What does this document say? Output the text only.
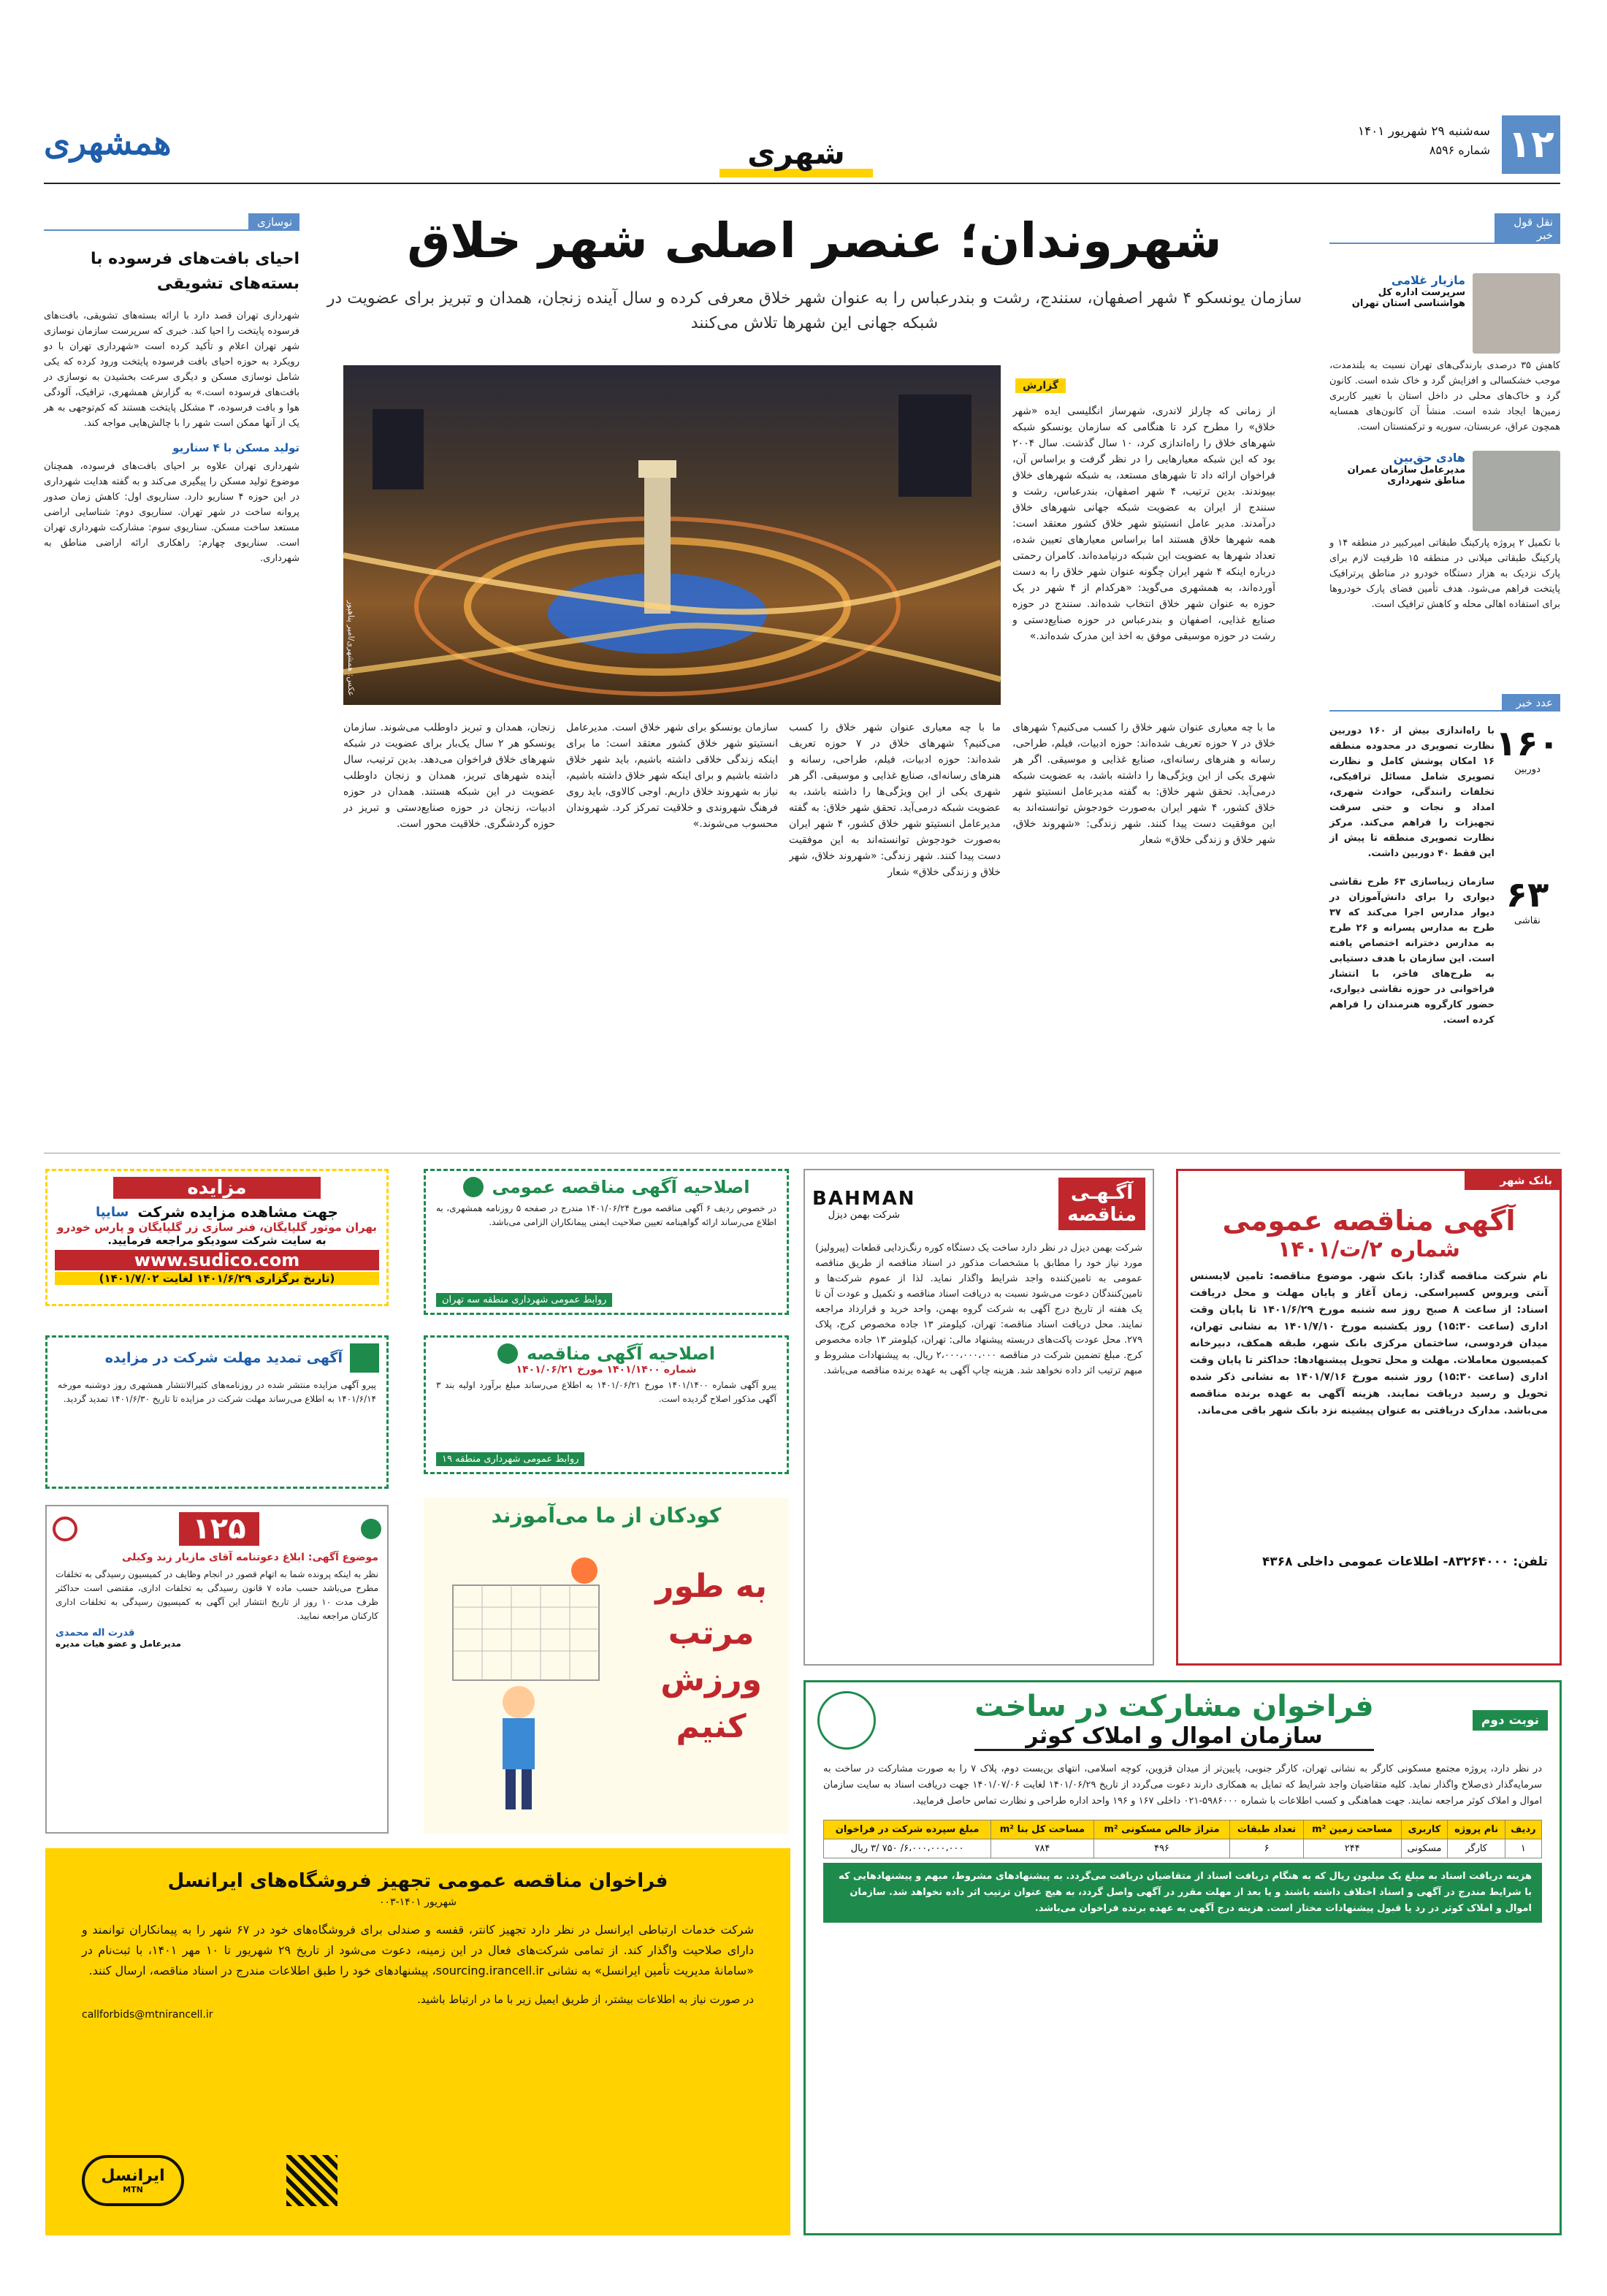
۱۲
سه‌شنبه ۲۹ شهریور ۱۴۰۱
شماره ۸۵۹۶
شهری
همشهری
نقل قول خبر
مازیار غلامی
سرپرست اداره کل هواشناسی استان تهران
کاهش ۳۵ درصدی بارندگی‌های تهران نسبت به بلندمدت، موجب خشکسالی و افزایش گرد و خاک شده است. کانون گرد و خاک‌های محلی در داخل استان با تغییر کاربری زمین‌ها ایجاد شده است. منشأ آن کانون‌های همسایه همچون عراق، عربستان، سوریه و ترکمنستان است.
هادی حق‌بین
مدیرعامل سازمان عمران مناطق شهرداری
با تکمیل ۲ پروژه پارکینگ طبقاتی امیرکبیر در منطقه ۱۴ و پارکینگ طبقاتی میلانی در منطقه ۱۵ ظرفیت لازم برای پارک نزدیک به هزار دستگاه خودرو در مناطق پرترافیک پایتخت فراهم می‌شود. هدف تأمین فضای پارک خودروها برای استفاده اهالی محله و کاهش ترافیک است.
عدد خبر
۱۶۰
دوربین
با راه‌اندازی بیش از ۱۶۰ دوربین نظارت تصویری در محدوده منطقه ۱۶ امکان پوشش کامل و نظارت تصویری شامل مسائل ترافیکی، تخلفات رانندگی، حوادث شهری، امداد و نجات و حتی سرقت تجهیزات را فراهم می‌کند. مرکز نظارت تصویری منطقه تا پیش از این فقط ۴۰ دوربین داشت.
۶۳
نقاشی
سازمان زیباسازی ۶۳ طرح نقاشی دیواری را برای دانش‌آموزان در دیوار مدارس اجرا می‌کند که ۳۷ طرح به مدارس پسرانه و ۲۶ طرح به مدارس دخترانه اختصاص یافته است. این سازمان با هدف دستیابی به طرح‌های فاخر، با انتشار فراخوانی در حوزه نقاشی دیواری، حضور کارگروه هنرمندان را فراهم کرده است.
شهروندان؛ عنصر اصلی شهر خلاق
سازمان یونسکو ۴ شهر اصفهان، سنندج، رشت و بندرعباس را به عنوان شهر خلاق معرفی کرده و سال آینده زنجان، همدان و تبریز برای عضویت در شبکه جهانی این شهرها تلاش می‌کنند
عکس: همشهری/امیر پناهپور
گزارش
از زمانی که چارلز لاندری، شهرساز انگلیسی ایده «شهر خلاق» را مطرح کرد تا هنگامی که سازمان یونسکو شبکه شهرهای خلاق را راه‌اندازی کرد، ۱۰ سال گذشت. سال ۲۰۰۴ بود که این شبکه معیارهایی را در نظر گرفت و براساس آن، فراخوان ارائه داد تا شهرهای مستعد، به شبکه شهرهای خلاق بپیوندند. بدین ترتیب، ۴ شهر اصفهان، بندرعباس، رشت و سنندج از ایران به عضویت شبکه جهانی شهرهای خلاق درآمدند. مدیر عامل انستیتو شهر خلاق کشور معتقد است: همه شهرها خلاق هستند اما براساس معیارهای تعیین شده، تعداد شهرها به عضویت این شبکه درنیامده‌اند. کامران رحمتی درباره اینکه ۴ شهر ایران چگونه عنوان شهر خلاق را به دست آورده‌اند، به همشهری می‌گوید: «هرکدام از ۴ شهر در یک حوزه به عنوان شهر خلاق انتخاب شده‌اند. سنندج در حوزه صنایع غذایی، اصفهان و بندرعباس در حوزه صنایع‌دستی و رشت در حوزه موسیقی موفق به اخذ این مدرک شده‌اند.»
ما با چه معیاری عنوان شهر خلاق را کسب می‌کنیم؟ شهرهای خلاق در ۷ حوزه تعریف شده‌اند: حوزه ادبیات، فیلم، طراحی، رسانه و هنرهای رسانه‌ای، صنایع غذایی و موسیقی. اگر هر شهری یکی از این ویژگی‌ها را داشته باشد، به عضویت شبکه درمی‌آید. تحقق شهر خلاق: به گفته مدیرعامل انستیتو شهر خلاق کشور، ۴ شهر ایران به‌صورت خودجوش توانسته‌اند به این موفقیت دست پیدا کنند. شهر زندگی: «شهروند خلاق، شهر خلاق و زندگی خلاق» شعار
ما با چه معیاری عنوان شهر خلاق را کسب می‌کنیم؟ شهرهای خلاق در ۷ حوزه تعریف شده‌اند: حوزه ادبیات، فیلم، طراحی، رسانه و هنرهای رسانه‌ای، صنایع غذایی و موسیقی. اگر هر شهری یکی از این ویژگی‌ها را داشته باشد، به عضویت شبکه درمی‌آید. تحقق شهر خلاق: به گفته مدیرعامل انستیتو شهر خلاق کشور، ۴ شهر ایران به‌صورت خودجوش توانسته‌اند به این موفقیت دست پیدا کنند. شهر زندگی: «شهروند خلاق، شهر خلاق و زندگی خلاق» شعار
سازمان یونسکو برای شهر خلاق است. مدیرعامل انستیتو شهر خلاق کشور معتقد است: ما برای اینکه زندگی خلاقی داشته باشیم، باید شهر خلاق داشته باشیم و برای اینکه شهر خلاق داشته باشیم، نیاز به شهروند خلاق داریم. اوجی کالاوی، باید روی فرهنگ شهروندی و خلاقیت تمرکز کرد. شهروندان محسوب می‌شوند.»
زنجان، همدان و تبریز داوطلب می‌شوند. سازمان یونسکو هر ۲ سال یک‌بار برای عضویت در شبکه شهرهای خلاق فراخوان می‌دهد. بدین ترتیب، سال آینده شهرهای تبریز، همدان و زنجان داوطلب عضویت در این شبکه هستند. همدان در حوزه ادبیات، زنجان در حوزه صنایع‌دستی و تبریز در حوزه گردشگری. خلاقیت محور است.
نوسازی
احیای بافت‌های فرسوده با بسته‌های تشویقی
شهرداری تهران قصد دارد با ارائه بسته‌های تشویقی، بافت‌های فرسوده پایتخت را احیا کند. خبری که سرپرست سازمان نوسازی شهر تهران اعلام و تأکید کرده است «شهرداری تهران با دو رویکرد به حوزه احیای بافت فرسوده پایتخت ورود کرده که یکی شامل نوسازی مسکن و دیگری سرعت بخشیدن به نوسازی در بافت‌های فرسوده است.» به گزارش همشهری، ترافیک، آلودگی هوا و بافت فرسوده، ۳ مشکل پایتخت هستند که کم‌توجهی به هر یک از آنها ممکن است شهر را با چالش‌هایی مواجه کند.
تولید مسکن با ۴ سناریو
شهرداری تهران علاوه بر احیای بافت‌های فرسوده، همچنان موضوع تولید مسکن را پیگیری می‌کند و به گفته هدایت شهرداری در این حوزه ۴ سناریو دارد. سناریوی اول: کاهش زمان صدور پروانه ساخت در شهر تهران. سناریوی دوم: شناسایی اراضی مستعد ساخت مسکن. سناریوی سوم: مشارکت شهرداری تهران است. سناریوی چهارم: راهکاری ارائه اراضی مناطق به شهرداری.
مزایده
جهت مشاهده مزایده شرکت
سایپا
بهران موتور گلپایگان، فنر سازی زر گلپایگان و پارس خودرو
به سایت شرکت سودیکو مراجعه فرمایید.
www.sudico.com
(تاریخ برگزاری ۱۴۰۱/۶/۲۹ لغایت ۱۴۰۱/۷/۰۲)
اصلاحیه آگهی مناقصه عمومی
در خصوص ردیف ۶ آگهی مناقصه مورخ ۱۴۰۱/۰۶/۲۴ مندرج در صفحه ۵ روزنامه همشهری، به اطلاع می‌رساند ارائه گواهینامه تعیین صلاحیت ایمنی پیمانکاران الزامی می‌باشد.
روابط عمومی شهرداری منطقه سه تهران
اصلاحیه آگهی مناقصه
شماره ۱۴۰۱/۱۴۰۰ مورخ ۱۴۰۱/۰۶/۲۱
پیرو آگهی شماره ۱۴۰۱/۱۴۰۰ مورخ ۱۴۰۱/۰۶/۲۱ به اطلاع می‌رساند مبلغ برآورد اولیه بند ۳ آگهی مذکور اصلاح گردیده است.
روابط عمومی شهرداری منطقه ۱۹
آگهی تمدید مهلت شرکت در مزایده
پیرو آگهی مزایده منتشر شده در روزنامه‌های کثیرالانتشار همشهری روز دوشنبه مورخه ۱۴۰۱/۶/۱۴ به اطلاع می‌رساند مهلت شرکت در مزایده تا تاریخ ۱۴۰۱/۶/۳۰ تمدید گردید.
۱۲۵
موضوع آگهی: ابلاغ دعوتنامه آقای مازیار زند وکیلی
نظر به اینکه پرونده شما به اتهام قصور در انجام وظایف در کمیسیون رسیدگی به تخلفات مطرح می‌باشد حسب ماده ۷ قانون رسیدگی به تخلفات اداری، مقتضی است حداکثر ظرف مدت ۱۰ روز از تاریخ انتشار این آگهی به کمیسیون رسیدگی به تخلفات اداری کارکنان مراجعه نمایید.
قدرت اله محمدی
مدیرعامل و عضو هیات مدیره
کودکان از ما می‌آموزند
به طور
مرتب
ورزش
کنیم
آگـهـی
مناقصه
BAHMAN
شرکت بهمن دیزل
شرکت بهمن دیزل در نظر دارد ساخت یک دستگاه کوره رنگ‌زدایی قطعات (پیرولیز) مورد نیاز خود را مطابق با مشخصات مذکور در اسناد مناقصه از طریق مناقصه عمومی به تامین‌کننده واجد شرایط واگذار نماید. لذا از عموم شرکت‌ها و تامین‌کنندگان دعوت می‌شود نسبت به دریافت اسناد مناقصه و تکمیل و عودت آن تا یک هفته از تاریخ درج آگهی به شرکت گروه بهمن، واحد خرید و قرارداد مراجعه نمایند. محل دریافت اسناد مناقصه: تهران، کیلومتر ۱۳ جاده مخصوص کرج، پلاک ۲۷۹. محل عودت پاکت‌های دربسته پیشنهاد مالی: تهران، کیلومتر ۱۳ جاده مخصوص کرج. مبلغ تضمین شرکت در مناقصه ۲،۰۰۰،۰۰۰،۰۰۰ ریال. به پیشنهادات مشروط و مبهم ترتیب اثر داده نخواهد شد. هزینه چاپ آگهی به عهده برنده مناقصه می‌باشد.
بانک شهر
آگهی مناقصه عمومی
شماره ۲/ت/۱۴۰۱
نام شرکت مناقصه گذار: بانک شهر. موضوع مناقصه: تامین لایسنس آنتی ویروس کسپراسکی. زمان آغاز و پایان مهلت و محل دریافت اسناد: از ساعت ۸ صبح روز سه شنبه مورخ ۱۴۰۱/۶/۲۹ تا پایان وقت اداری (ساعت ۱۵:۳۰) روز یکشنبه مورخ ۱۴۰۱/۷/۱۰ به نشانی تهران، میدان فردوسی، ساختمان مرکزی بانک شهر، طبقه همکف، دبیرخانه کمیسیون معاملات. مهلت و محل تحویل پیشنهادها: حداکثر تا پایان وقت اداری (ساعت ۱۵:۳۰) روز شنبه مورخ ۱۴۰۱/۷/۱۶ به نشانی ذکر شده تحویل و رسید دریافت نمایند. هزینه آگهی به عهده برنده مناقصه می‌باشد. مدارک دریافتی به عنوان پیشینه نزد بانک شهر باقی می‌ماند.
تلفن: ۸۳۲۶۴۰۰۰- اطلاعات عمومی داخلی ۴۳۶۸
نوبت دوم
فراخوان مشارکت در ساخت
سازمان اموال و املاک کوثر
در نظر دارد، پروژه مجتمع مسکونی کارگر به نشانی تهران، کارگر جنوبی، پایین‌تر از میدان قزوین، کوچه اسلامی، انتهای بن‌بست دوم، پلاک ۷ را به صورت مشارکت در ساخت به سرمایه‌گذار ذی‌صلاح واگذار نماید. کلیه متقاضیان واجد شرایط که تمایل به همکاری دارند دعوت می‌گردد از تاریخ ۱۴۰۱/۰۶/۲۹ لغایت ۱۴۰۱/۰۷/۰۶ جهت دریافت اسناد به سایت سازمان اموال و املاک کوثر مراجعه نمایند. جهت هماهنگی و کسب اطلاعات با شماره ۵۹۸۶۰۰۰-۰۲۱ داخلی ۱۶۷ و ۱۹۶ واحد اداره طراحی و نظارت تماس حاصل فرمایید.
ردیف	نام پروژه	کاربری	مساحت زمین m²	تعداد طبقات	متراژ خالص مسکونی m²	مساحت کل بنا m²	مبلغ سپرده شرکت در فراخوان
۱	کارگر	مسکونی	۲۴۴	۶	۴۹۶	۷۸۴	۶،۰۰۰،۰۰۰،۰۰۰/ ۷۵۰ /۳ ریال
هزینه دریافت اسناد به مبلغ یک میلیون ریال که به هنگام دریافت اسناد از متقاضیان دریافت می‌گردد. به پیشنهادهای مشروط، مبهم و پیشنهادهایی که با شرایط مندرج در آگهی و اسناد اختلاف داشته باشند و یا بعد از مهلت مقرر در آگهی واصل گردد، به هیچ عنوان ترتیب اثر داده نخواهد شد. سازمان اموال و املاک کوثر در رد یا قبول پیشنهادات مختار است. هزینه درج آگهی به عهده برنده فراخوان می‌باشد.
فراخوان مناقصه عمومی تجهیز فروشگاه‌های ایرانسل
شهریور ۱۴۰۱-۰۰۳
شرکت خدمات ارتباطی ایرانسل در نظر دارد تجهیز کانتر، قفسه و صندلی برای فروشگاه‌های خود در ۶۷ شهر را به پیمانکاران توانمند و دارای صلاحیت واگذار کند. از تمامی شرکت‌های فعال در این زمینه، دعوت می‌شود از تاریخ ۲۹ شهریور تا ۱۰ مهر ۱۴۰۱، با ثبت‌نام در «سامانهٔ مدیریت تأمین ایرانسل» به نشانی sourcing.irancell.ir، پیشنهادهای خود را طبق اطلاعات مندرج در اسناد مناقصه، ارسال کنند.
در صورت نیاز به اطلاعات بیشتر، از طریق ایمیل زیر با ما در ارتباط باشید.
callforbids@mtnirancell.ir
ایرانسل
MTN
